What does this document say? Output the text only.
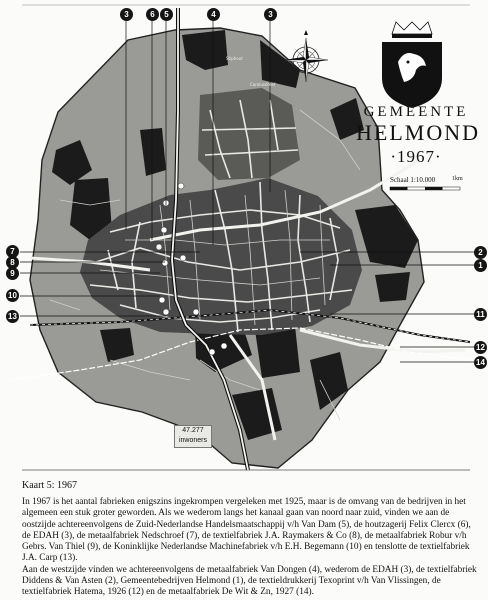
Stiphout
Carolusdreef
3	6	5	4	3
7
8
9
10
13
2
1
11
12
14
GEMEENTE
HELMOND
·1967·
Schaal 1:10.000	1km
47.277
inwoners
Kaart 5: 1967

In 1967 is het aantal fabrieken enigszins ingekrompen vergeleken met 1925, maar is de omvang van de bedrijven in het algemeen een stuk groter geworden. Als we wederom langs het kanaal gaan van noord naar zuid, vinden we aan de oostzijde achtereenvolgens de Zuid-Nederlandse Handelsmaatschappij v/h Van Dam (5), de houtzagerij Felix Clercx (6), de EDAH (3), de metaalfabriek Nedschroef (7), de textielfabriek J.A. Raymakers & Co (8), de metaalfabriek Robur v/h Gebrs. Van Thiel (9), de Koninklijke Nederlandse Machinefabriek v/h E.H. Begemann (10) en tenslotte de textielfabriek J.A. Carp (13).

Aan de westzijde vinden we achtereenvolgens de metaalfabriek Van Dongen (4), wederom de EDAH (3), de textielfabriek Diddens & Van Asten (2), Gemeentebedrijven Helmond (1), de textieldrukkerij Texoprint v/h Van Vlissingen, de textielfabriek Hatema, 1926 (12) en de metaalfabriek De Wit & Zn, 1927 (14).
